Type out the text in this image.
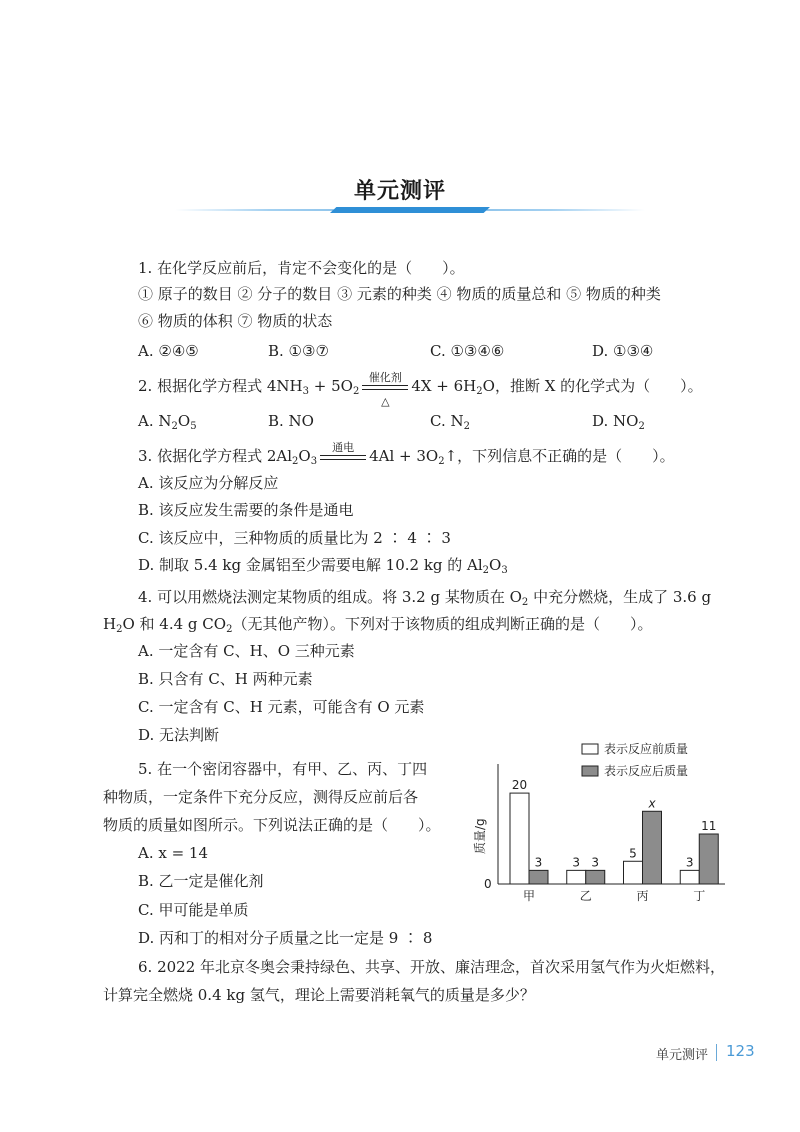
单元测评
1. 在化学反应前后，肯定不会变化的是（　　）。
① 原子的数目 ② 分子的数目 ③ 元素的种类 ④ 物质的质量总和 ⑤ 物质的种类
⑥ 物质的体积 ⑦ 物质的状态
A. ②④⑤	B. ①③⑦	C. ①③④⑥	D. ①③④
2. 根据化学方程式 $4NH_3 + 5O_2$
催化剂
△
$4X + 6H_2O$，推断 X 的化学式为（　　）。
A. $N_2O_5$	B. NO	C. $N_2$	D. $NO_2$
3. 依据化学方程式 $2Al_2O_3$
通电	$4Al + 3O_2↑$，下列信息不正确的是（　　）。
A. 该反应为分解反应
B. 该反应发生需要的条件是通电
C. 该反应中，三种物质的质量比为 2 ∶ 4 ∶ 3
D. 制取 5.4 kg 金属铝至少需要电解 10.2 kg 的 $Al_2O_3$
4. 可以用燃烧法测定某物质的组成。将 3.2 g 某物质在 $O_2$ 中充分燃烧，生成了 3.6 g
$H_2O$ 和 4.4 g $CO_2$（无其他产物）。下列对于该物质的组成判断正确的是（　　）。
A. 一定含有 C、H、O 三种元素
B. 只含有 C、H 两种元素
C. 一定含有 C、H 元素，可能含有 O 元素
D. 无法判断
5. 在一个密闭容器中，有甲、乙、丙、丁四
种物质，一定条件下充分反应，测得反应前后各
物质的质量如图所示。下列说法正确的是（　　）。
A. x = 14
B. 乙一定是催化剂
C. 甲可能是单质
D. 丙和丁的相对分子质量之比一定是 9 ∶ 8
表示反应前质量
表示反应后质量
20
3	3 3
5
x
3
11
甲	乙	丙	丁
质量/g
0
6. 2022 年北京冬奥会秉持绿色、共享、开放、廉洁理念，首次采用氢气作为火炬燃料，
计算完全燃烧 0.4 kg 氢气，理论上需要消耗氧气的质量是多少？
单元测评 123
